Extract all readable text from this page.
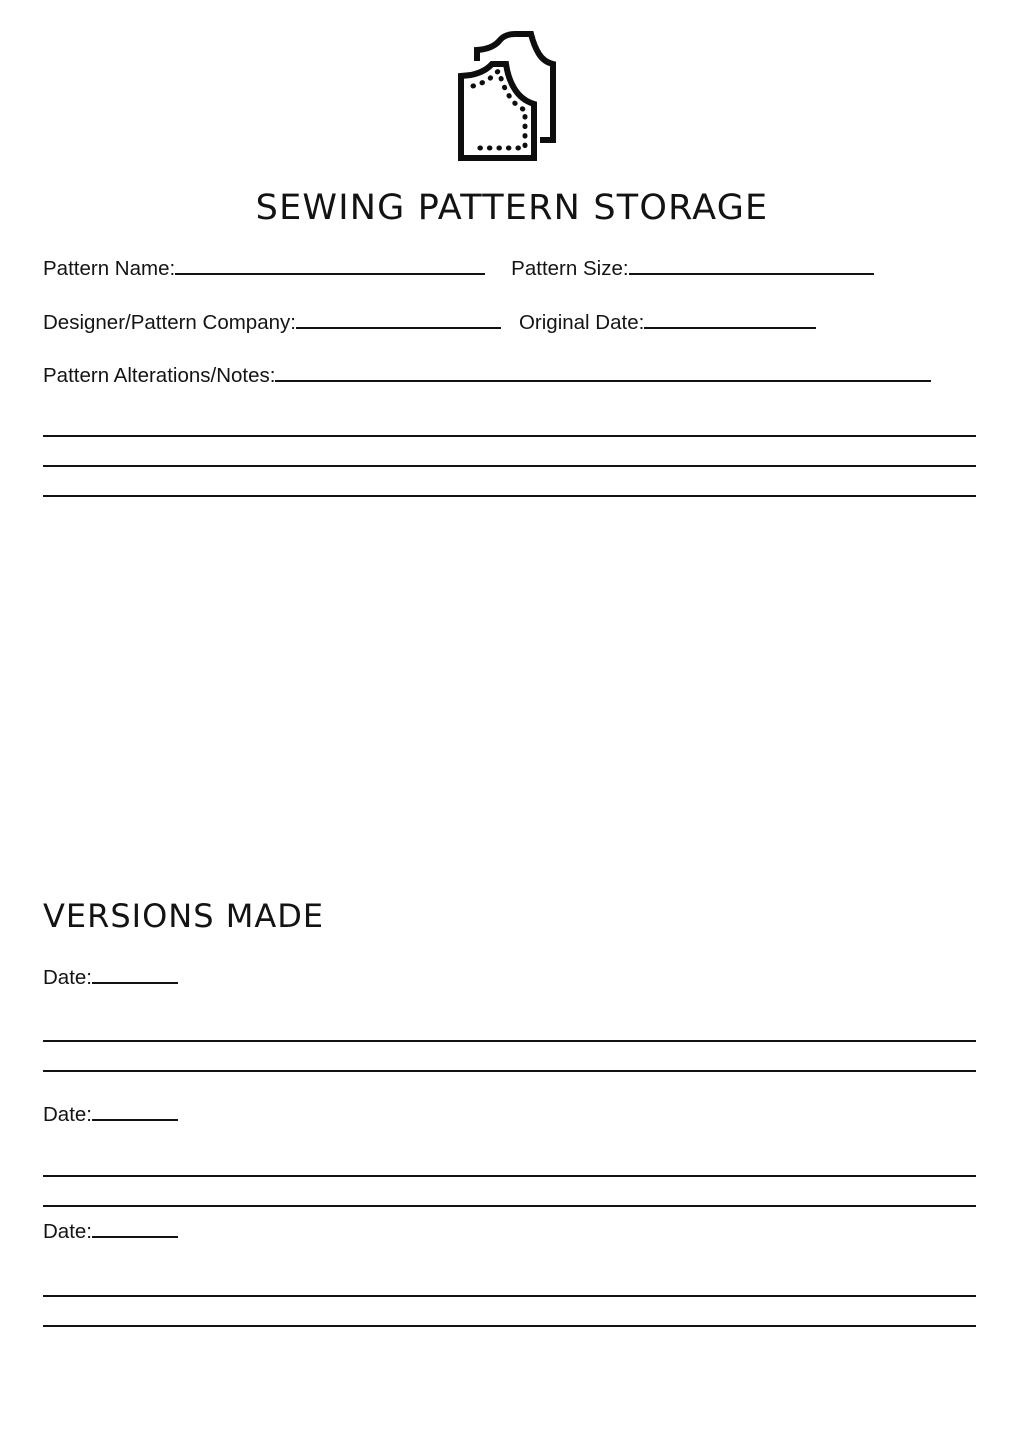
SEWING PATTERN STORAGE
Pattern Name:	Pattern Size:
Designer/Pattern Company:	Original Date:
Pattern Alterations/Notes:
VERSIONS MADE
Date:
Date:
Date:
